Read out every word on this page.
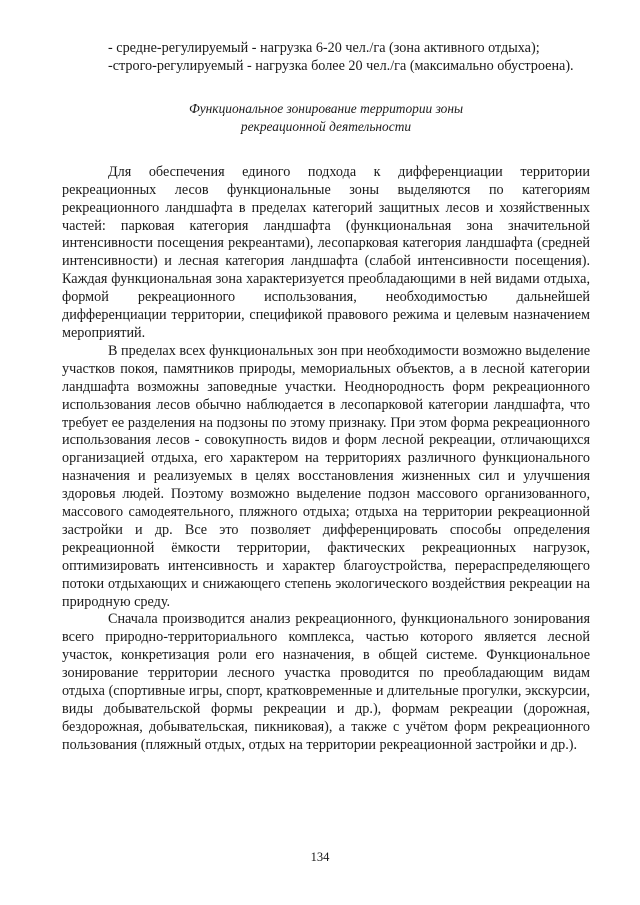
- средне-регулируемый - нагрузка 6-20 чел./га (зона активного отдыха);

-строго-регулируемый - нагрузка более 20 чел./га (максимально обустроена).

Функциональное зонирование территории зоны
рекреационной деятельности

Для обеспечения единого подхода к дифференциации территории рекреационных лесов функциональные зоны выделяются по категориям рекреационного ландшафта в пределах категорий защитных лесов и хозяйственных частей: парковая категория ландшафта (функциональная зона значительной интенсивности посещения рекреантами), лесопарковая категория ландшафта (средней интенсивности) и лесная категория ландшафта (слабой интенсивности посещения). Каждая функциональная зона характеризуется преобладающими в ней видами отдыха, формой рекреационного использования, необходимостью дальнейшей дифференциации территории, спецификой правового режима и целевым назначением мероприятий.

В пределах всех функциональных зон при необходимости возможно выделение участков покоя, памятников природы, мемориальных объектов, а в лесной категории ландшафта возможны заповедные участки. Неоднородность форм рекреационного использования лесов обычно наблюдается в лесопарковой категории ландшафта, что требует ее разделения на подзоны по этому признаку. При этом форма рекреационного использования лесов - совокупность видов и форм лесной рекреации, отличающихся организацией отдыха, его характером на территориях различного функционального назначения и реализуемых в целях восстановления жизненных сил и улучшения здоровья людей. Поэтому возможно выделение подзон массового организованного, массового самодеятельного, пляжного отдыха; отдыха на территории рекреационной застройки и др. Все это позволяет дифференцировать способы определения рекреационной ёмкости территории, фактических рекреационных нагрузок, оптимизировать интенсивность и характер благоустройства, перераспределяющего потоки отдыхающих и снижающего степень экологического воздействия рекреации на природную среду.

Сначала производится анализ рекреационного, функционального зонирования всего природно-территориального комплекса, частью которого является лесной участок, конкретизация роли его назначения, в общей системе. Функциональное зонирование территории лесного участка проводится по преобладающим видам отдыха (спортивные игры, спорт, кратковременные и длительные прогулки, экскурсии, виды добывательской формы рекреации и др.), формам рекреации (дорожная, бездорожная, добывательская, пикниковая), а также с учётом форм рекреационного пользования (пляжный отдых, отдых на территории рекреационной застройки и др.).

134
